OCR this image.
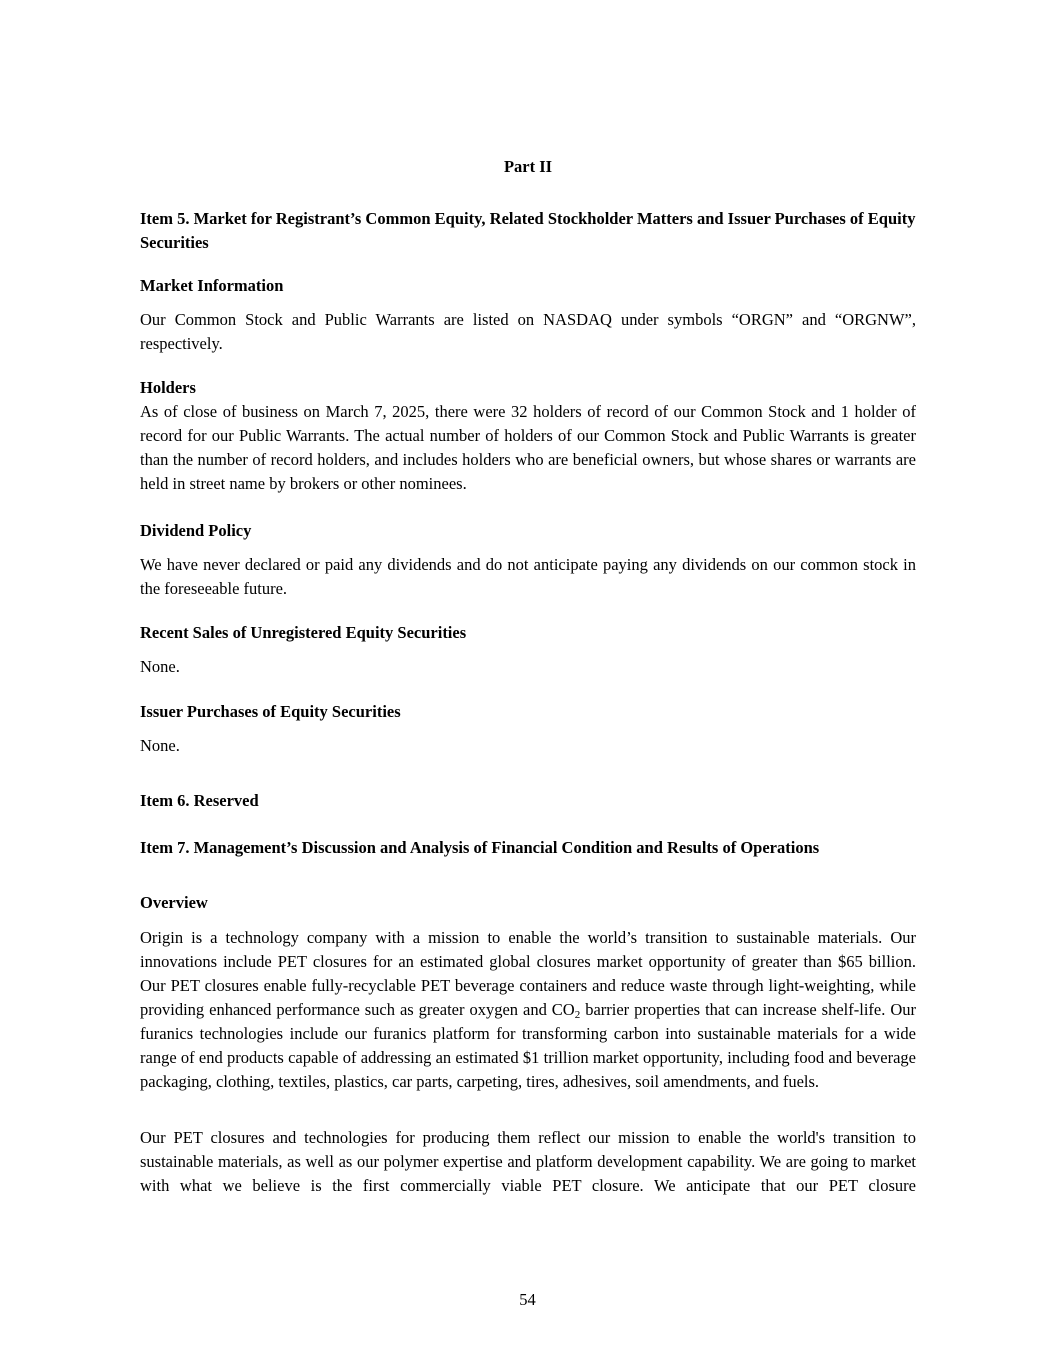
Part II

Item 5. Market for Registrant’s Common Equity, Related Stockholder Matters and Issuer Purchases of Equity Securities

Market Information

Our Common Stock and Public Warrants are listed on NASDAQ under symbols “ORGN” and “ORGNW”, respectively.

Holders

As of close of business on March 7, 2025, there were 32 holders of record of our Common Stock and 1 holder of record for our Public Warrants. The actual number of holders of our Common Stock and Public Warrants is greater than the number of record holders, and includes holders who are beneficial owners, but whose shares or warrants are held in street name by brokers or other nominees.

Dividend Policy

We have never declared or paid any dividends and do not anticipate paying any dividends on our common stock in the foreseeable future.

Recent Sales of Unregistered Equity Securities

None.

Issuer Purchases of Equity Securities

None.

Item 6. Reserved

Item 7. Management’s Discussion and Analysis of Financial Condition and Results of Operations

Overview

Origin is a technology company with a mission to enable the world’s transition to sustainable materials. Our innovations include PET closures for an estimated global closures market opportunity of greater than $65 billion. Our PET closures enable fully-recyclable PET beverage containers and reduce waste through light-weighting, while providing enhanced performance such as greater oxygen and $CO_2$ barrier properties that can increase shelf-life. Our furanics technologies include our furanics platform for transforming carbon into sustainable materials for a wide range of end products capable of addressing an estimated $1 trillion market opportunity, including food and beverage packaging, clothing, textiles, plastics, car parts, carpeting, tires, adhesives, soil amendments, and fuels.

Our PET closures and technologies for producing them reflect our mission to enable the world's transition to sustainable materials, as well as our polymer expertise and platform development capability. We are going to market with what we believe is the first commercially viable PET closure. We anticipate that our PET closure

54
